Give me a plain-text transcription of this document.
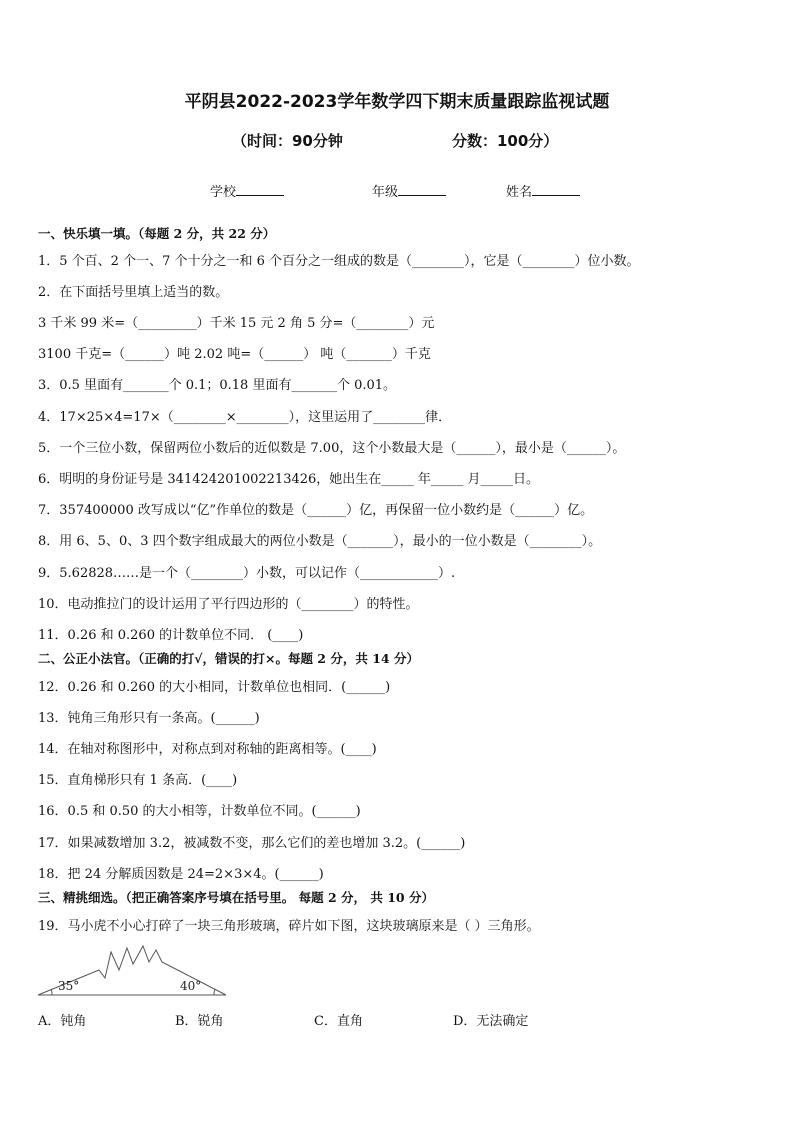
平阴县2022-2023学年数学四下期末质量跟踪监视试题
（时间：90分钟	分数：100分）
学校	年级	姓名
一、快乐填一填。（每题 2 分，共 22 分）
1．5 个百、2 个一、7 个十分之一和 6 个百分之一组成的数是（________），它是（________）位小数。
2．在下面括号里填上适当的数。
3 千米 99 米=（_________）千米 15 元 2 角 5 分=（________）元
3100 千克=（______）吨 2.02 吨=（______） 吨（_______）千克
3．0.5 里面有_______个 0.1；0.18 里面有_______个 0.01。
4．17×25×4=17×（________×________），这里运用了________律．
5．一个三位小数，保留两位小数后的近似数是 7.00，这个小数最大是（______），最小是（______）。
6．明明的身份证号是 341424201002213426，她出生在_____ 年_____ 月_____日。
7．357400000 改写成以“亿”作单位的数是（______）亿，再保留一位小数约是（______）亿。
8．用 6、5、0、3 四个数字组成最大的两位小数是（_______），最小的一位小数是（________）。
9．5.62828……是一个（________）小数，可以记作（____________）.
10．电动推拉门的设计运用了平行四边形的（________）的特性。
11．0.26 和 0.260 的计数单位不同． (____)
二、公正小法官。（正确的打√，错误的打×。每题 2 分，共 14 分）
12．0.26 和 0.260 的大小相同，计数单位也相同．(______)
13．钝角三角形只有一条高。(______)
14．在轴对称图形中，对称点到对称轴的距离相等。(____)
15．直角梯形只有 1 条高．(____)
16．0.5 和 0.50 的大小相等，计数单位不同。(______)
17．如果减数增加 3.2，被减数不变，那么它们的差也增加 3.2。(______)
18．把 24 分解质因数是 24=2×3×4。(______)
三、精挑细选。（把正确答案序号填在括号里。 每题 2 分， 共 10 分）
19．马小虎不小心打碎了一块三角形玻璃，碎片如下图，这块玻璃原来是（ ）三角形。
35°	40°
A．钝角	B．锐角	C．直角	D．无法确定
